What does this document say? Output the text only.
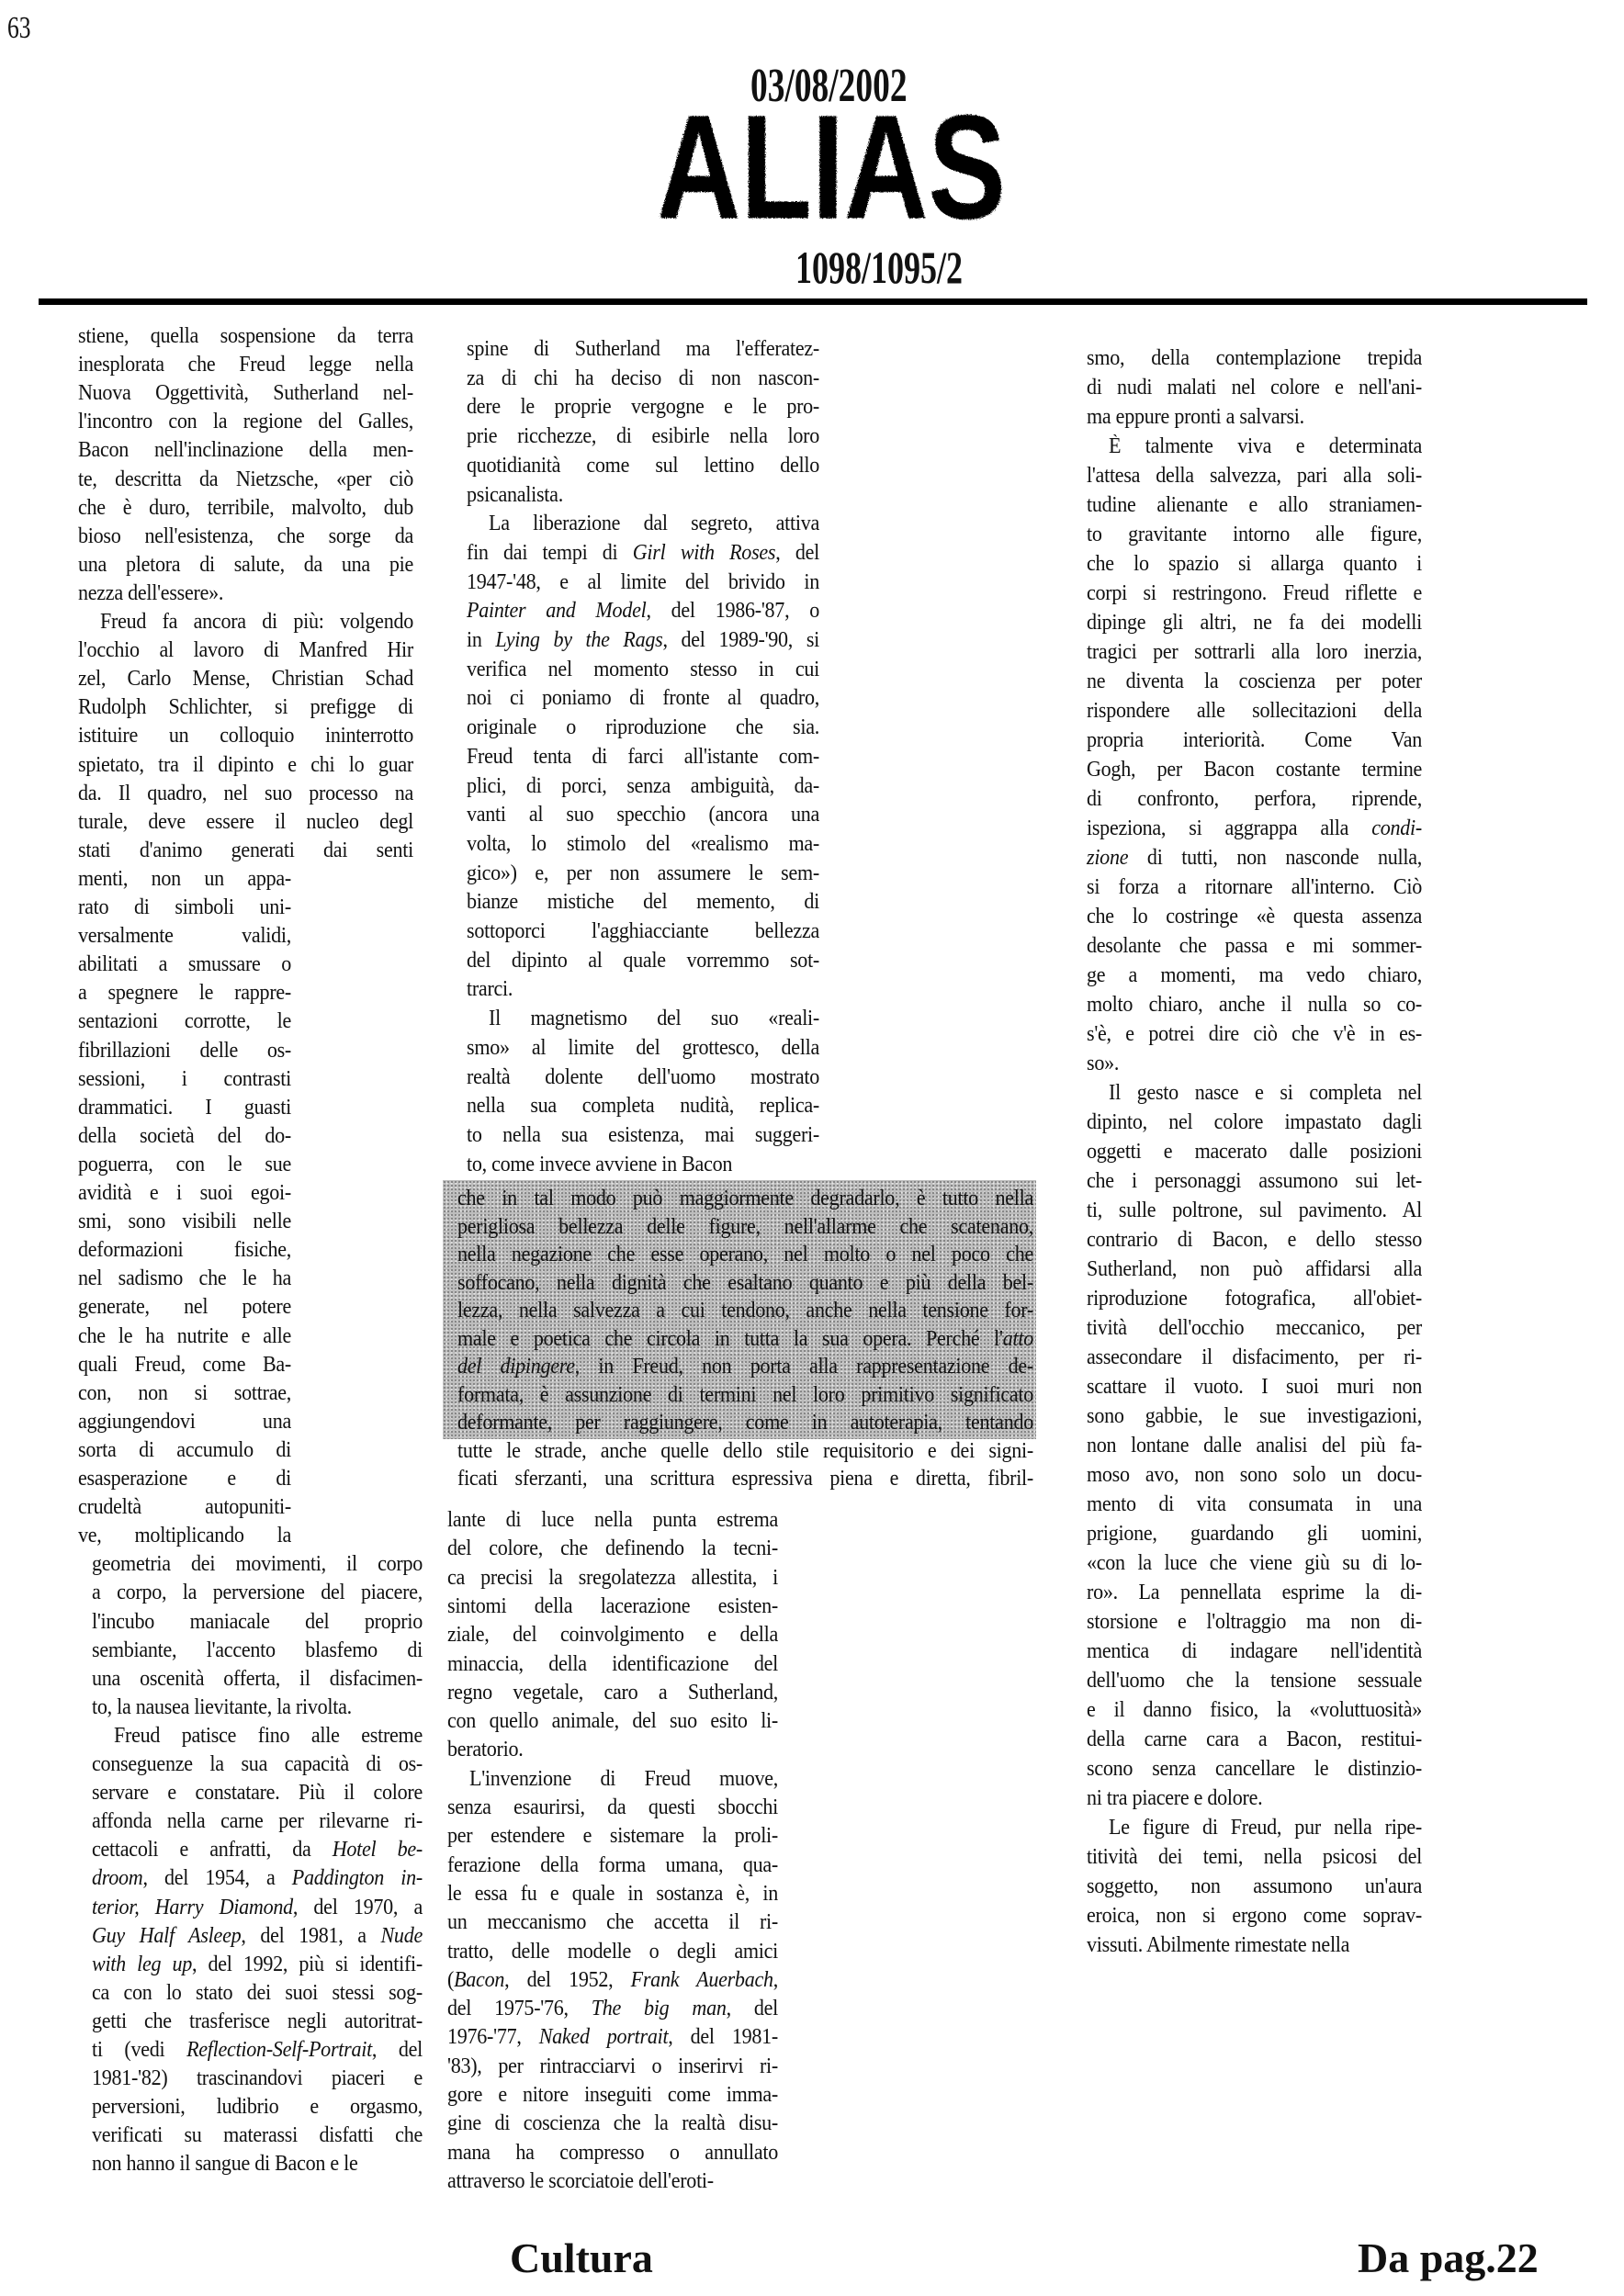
63
03/08/2002
ALIAS
1098/1095/2
stiene, quella sospensione da terra
inesplorata che Freud legge nella
Nuova Oggettività, Sutherland nel-
l'incontro con la regione del Galles,
Bacon nell'inclinazione della men-
te, descritta da Nietzsche, «per ciò
che è duro, terribile, malvolto, dub
bioso nell'esistenza, che sorge da
una pletora di salute, da una pie
nezza dell'essere».
Freud fa ancora di più: volgendo
l'occhio al lavoro di Manfred Hir
zel, Carlo Mense, Christian Schad
Rudolph Schlichter, si prefigge di
istituire un colloquio ininterrotto
spietato, tra il dipinto e chi lo guar
da. Il quadro, nel suo processo na
turale, deve essere il nucleo degl
stati d'animo generati dai senti
menti, non un appa-
rato di simboli uni-
versalmente validi,
abilitati a smussare o
a spegnere le rappre-
sentazioni corrotte, le
fibrillazioni delle os-
sessioni, i contrasti
drammatici. I guasti
della società del do-
poguerra, con le sue
avidità e i suoi egoi-
smi, sono visibili nelle
deformazioni fisiche,
nel sadismo che le ha
generate, nel potere
che le ha nutrite e alle
quali Freud, come Ba-
con, non si sottrae,
aggiungendovi una
sorta di accumulo di
esasperazione e di
crudeltà autopuniti-
ve, moltiplicando la
geometria dei movimenti, il corpo
a corpo, la perversione del piacere,
l'incubo maniacale del proprio
sembiante, l'accento blasfemo di
una oscenità offerta, il disfacimen-
to, la nausea lievitante, la rivolta.
Freud patisce fino alle estreme
conseguenze la sua capacità di os-
servare e constatare. Più il colore
affonda nella carne per rilevarne ri-
cettacoli e anfratti, da Hotel be-
droom, del 1954, a Paddington in-
terior, Harry Diamond, del 1970, a
Guy Half Asleep, del 1981, a Nude
with leg up, del 1992, più si identifi-
ca con lo stato dei suoi stessi sog-
getti che trasferisce negli autoritrat-
ti (vedi Reflection-Self-Portrait, del
1981-'82) trascinandovi piaceri e
perversioni, ludibrio e orgasmo,
verificati su materassi disfatti che
non hanno il sangue di Bacon e le
spine di Sutherland ma l'efferatez-
za di chi ha deciso di non nascon-
dere le proprie vergogne e le pro-
prie ricchezze, di esibirle nella loro
quotidianità come sul lettino dello
psicanalista.
La liberazione dal segreto, attiva
fin dai tempi di Girl with Roses, del
1947-'48, e al limite del brivido in
Painter and Model, del 1986-'87, o
in Lying by the Rags, del 1989-'90, si
verifica nel momento stesso in cui
noi ci poniamo di fronte al quadro,
originale o riproduzione che sia.
Freud tenta di farci all'istante com-
plici, di porci, senza ambiguità, da-
vanti al suo specchio (ancora una
volta, lo stimolo del «realismo ma-
gico») e, per non assumere le sem-
bianze mistiche del memento, di
sottoporci l'agghiacciante bellezza
del dipinto al quale vorremmo sot-
trarci.
Il magnetismo del suo «reali-
smo» al limite del grottesco, della
realtà dolente dell'uomo mostrato
nella sua completa nudità, replica-
to nella sua esistenza, mai suggeri-
to, come invece avviene in Bacon
che in tal modo può maggiormente degradarlo, è tutto nella
perigliosa bellezza delle figure, nell'allarme che scatenano,
nella negazione che esse operano, nel molto o nel poco che
soffocano, nella dignità che esaltano quanto e più della bel-
lezza, nella salvezza a cui tendono, anche nella tensione for-
male e poetica che circola in tutta la sua opera. Perché l'atto
del dipingere, in Freud, non porta alla rappresentazione de-
formata, è assunzione di termini nel loro primitivo significato
deformante, per raggiungere, come in autoterapia, tentando
tutte le strade, anche quelle dello stile requisitorio e dei signi-
ficati sferzanti, una scrittura espressiva piena e diretta, fibril-
lante di luce nella punta estrema
del colore, che definendo la tecni-
ca precisi la sregolatezza allestita, i
sintomi della lacerazione esisten-
ziale, del coinvolgimento e della
minaccia, della identificazione del
regno vegetale, caro a Sutherland,
con quello animale, del suo esito li-
beratorio.
L'invenzione di Freud muove,
senza esaurirsi, da questi sbocchi
per estendere e sistemare la proli-
ferazione della forma umana, qua-
le essa fu e quale in sostanza è, in
un meccanismo che accetta il ri-
tratto, delle modelle o degli amici
(Bacon, del 1952, Frank Auerbach,
del 1975-'76, The big man, del
1976-'77, Naked portrait, del 1981-
'83), per rintracciarvi o inserirvi ri-
gore e nitore inseguiti come imma-
gine di coscienza che la realtà disu-
mana ha compresso o annullato
attraverso le scorciatoie dell'eroti-
smo, della contemplazione trepida
di nudi malati nel colore e nell'ani-
ma eppure pronti a salvarsi.
È talmente viva e determinata
l'attesa della salvezza, pari alla soli-
tudine alienante e allo straniamen-
to gravitante intorno alle figure,
che lo spazio si allarga quanto i
corpi si restringono. Freud riflette e
dipinge gli altri, ne fa dei modelli
tragici per sottrarli alla loro inerzia,
ne diventa la coscienza per poter
rispondere alle sollecitazioni della
propria interiorità. Come Van
Gogh, per Bacon costante termine
di confronto, perfora, riprende,
ispeziona, si aggrappa alla condi-
zione di tutti, non nasconde nulla,
si forza a ritornare all'interno. Ciò
che lo costringe «è questa assenza
desolante che passa e mi sommer-
ge a momenti, ma vedo chiaro,
molto chiaro, anche il nulla so co-
s'è, e potrei dire ciò che v'è in es-
so».
Il gesto nasce e si completa nel
dipinto, nel colore impastato dagli
oggetti e macerato dalle posizioni
che i personaggi assumono sui let-
ti, sulle poltrone, sul pavimento. Al
contrario di Bacon, e dello stesso
Sutherland, non può affidarsi alla
riproduzione fotografica, all'obiet-
tività dell'occhio meccanico, per
assecondare il disfacimento, per ri-
scattare il vuoto. I suoi muri non
sono gabbie, le sue investigazioni,
non lontane dalle analisi del più fa-
moso avo, non sono solo un docu-
mento di vita consumata in una
prigione, guardando gli uomini,
«con la luce che viene giù su di lo-
ro». La pennellata esprime la di-
storsione e l'oltraggio ma non di-
mentica di indagare nell'identità
dell'uomo che la tensione sessuale
e il danno fisico, la «voluttuosità»
della carne cara a Bacon, restitui-
scono senza cancellare le distinzio-
ni tra piacere e dolore.
Le figure di Freud, pur nella ripe-
titività dei temi, nella psicosi del
soggetto, non assumono un'aura
eroica, non si ergono come soprav-
vissuti. Abilmente rimestate nella
Cultura	Da pag.22
